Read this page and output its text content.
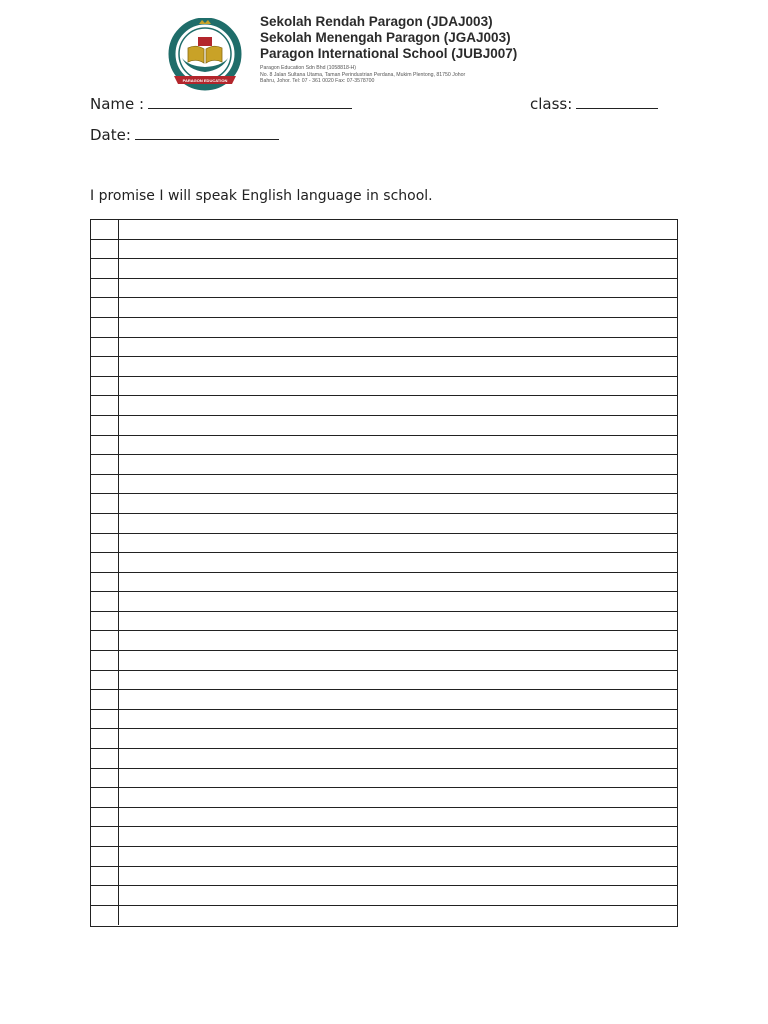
PARAGON EDUCATION
Sekolah Rendah Paragon (JDAJ003)
Sekolah Menengah Paragon (JGAJ003)
Paragon International School (JUBJ007)
Paragon Education Sdn Bhd (1058818-H)
No. 8 Jalan Sultana Utama, Taman Perindustrian Perdana, Mukim Plentong, 81750 Johor
Bahru, Johor. Tel: 07 - 361 0020 Fax: 07-3578700
Name :	class:
Date:
I promise I will speak English language in school.
